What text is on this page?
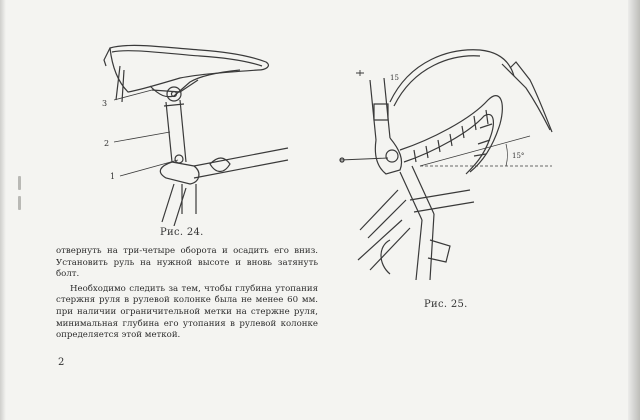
3
2
1
Рис. 24.
15
15°
Рис. 25.

отвернуть на три-четыре оборота и осадить его вниз. Установить руль на нужной высоте и вновь затянуть болт.

Необходимо следить за тем, чтобы глубина утопания стержня руля в рулевой колонке была не менее 60 мм. при наличии ограничительной метки на стержне руля, минимальная глубина его утопания в рулевой колонке определяется этой меткой.

2
